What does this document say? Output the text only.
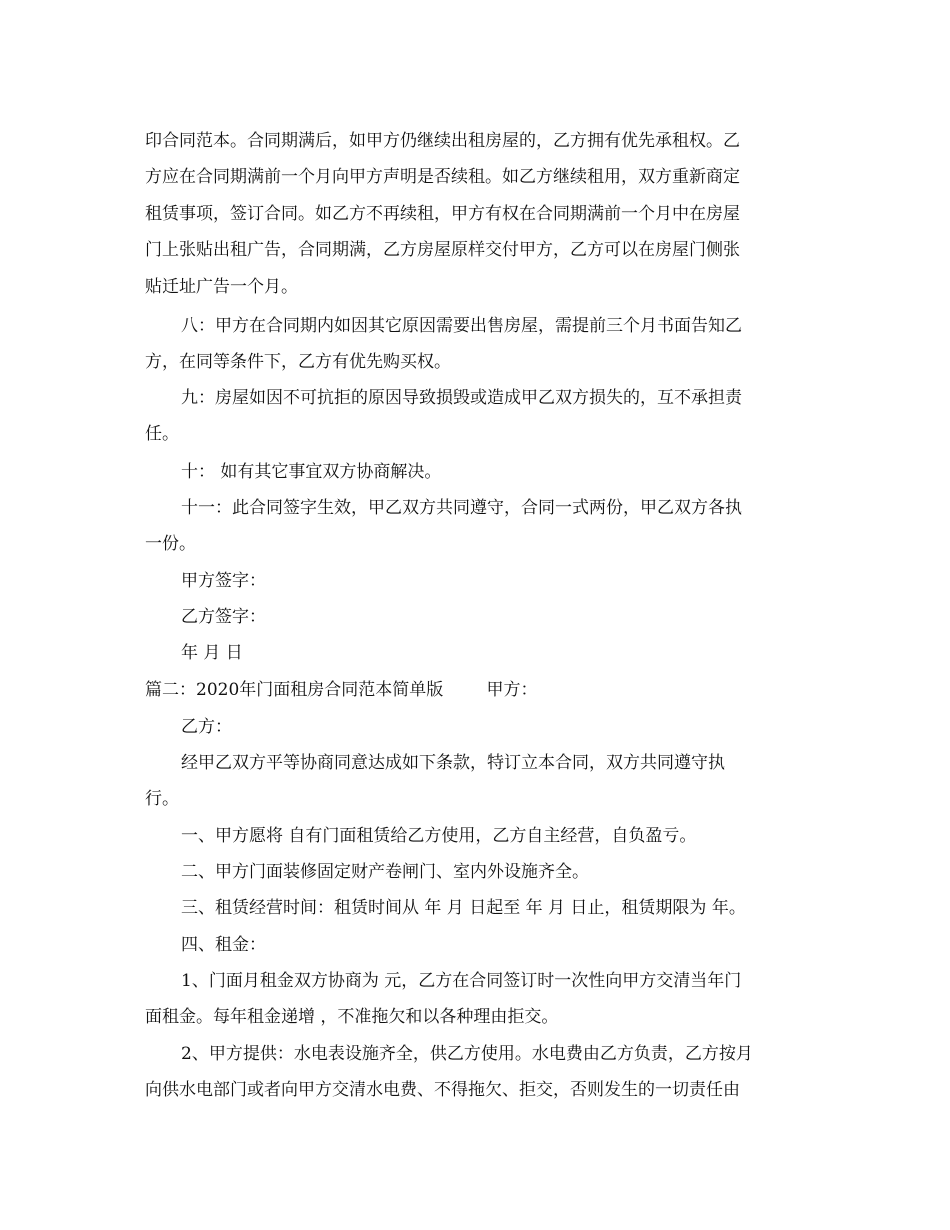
印合同范本。合同期满后，如甲方仍继续出租房屋的，乙方拥有优先承租权。乙
方应在合同期满前一个月向甲方声明是否续租。如乙方继续租用，双方重新商定
租赁事项，签订合同。如乙方不再续租，甲方有权在合同期满前一个月中在房屋
门上张贴出租广告，合同期满，乙方房屋原样交付甲方，乙方可以在房屋门侧张
贴迁址广告一个月。
八：甲方在合同期内如因其它原因需要出售房屋，需提前三个月书面告知乙
方，在同等条件下，乙方有优先购买权。
九：房屋如因不可抗拒的原因导致损毁或造成甲乙双方损失的，互不承担责
任。
十： 如有其它事宜双方协商解决。
十一：此合同签字生效，甲乙双方共同遵守，合同一式两份，甲乙双方各执
一份。
甲方签字：
乙方签字：
年 月 日
篇二：2020年门面租房合同范本简单版        甲方：
乙方：
经甲乙双方平等协商同意达成如下条款，特订立本合同，双方共同遵守执
行。
一、甲方愿将 自有门面租赁给乙方使用，乙方自主经营，自负盈亏。
二、甲方门面装修固定财产卷闸门、室内外设施齐全。
三、租赁经营时间：租赁时间从 年 月 日起至 年 月 日止，租赁期限为 年。
四、租金：
1、门面月租金双方协商为 元，乙方在合同签订时一次性向甲方交清当年门
面租金。每年租金递增 ，不准拖欠和以各种理由拒交。
2、甲方提供：水电表设施齐全，供乙方使用。水电费由乙方负责，乙方按月
向供水电部门或者向甲方交清水电费、不得拖欠、拒交，否则发生的一切责任由
